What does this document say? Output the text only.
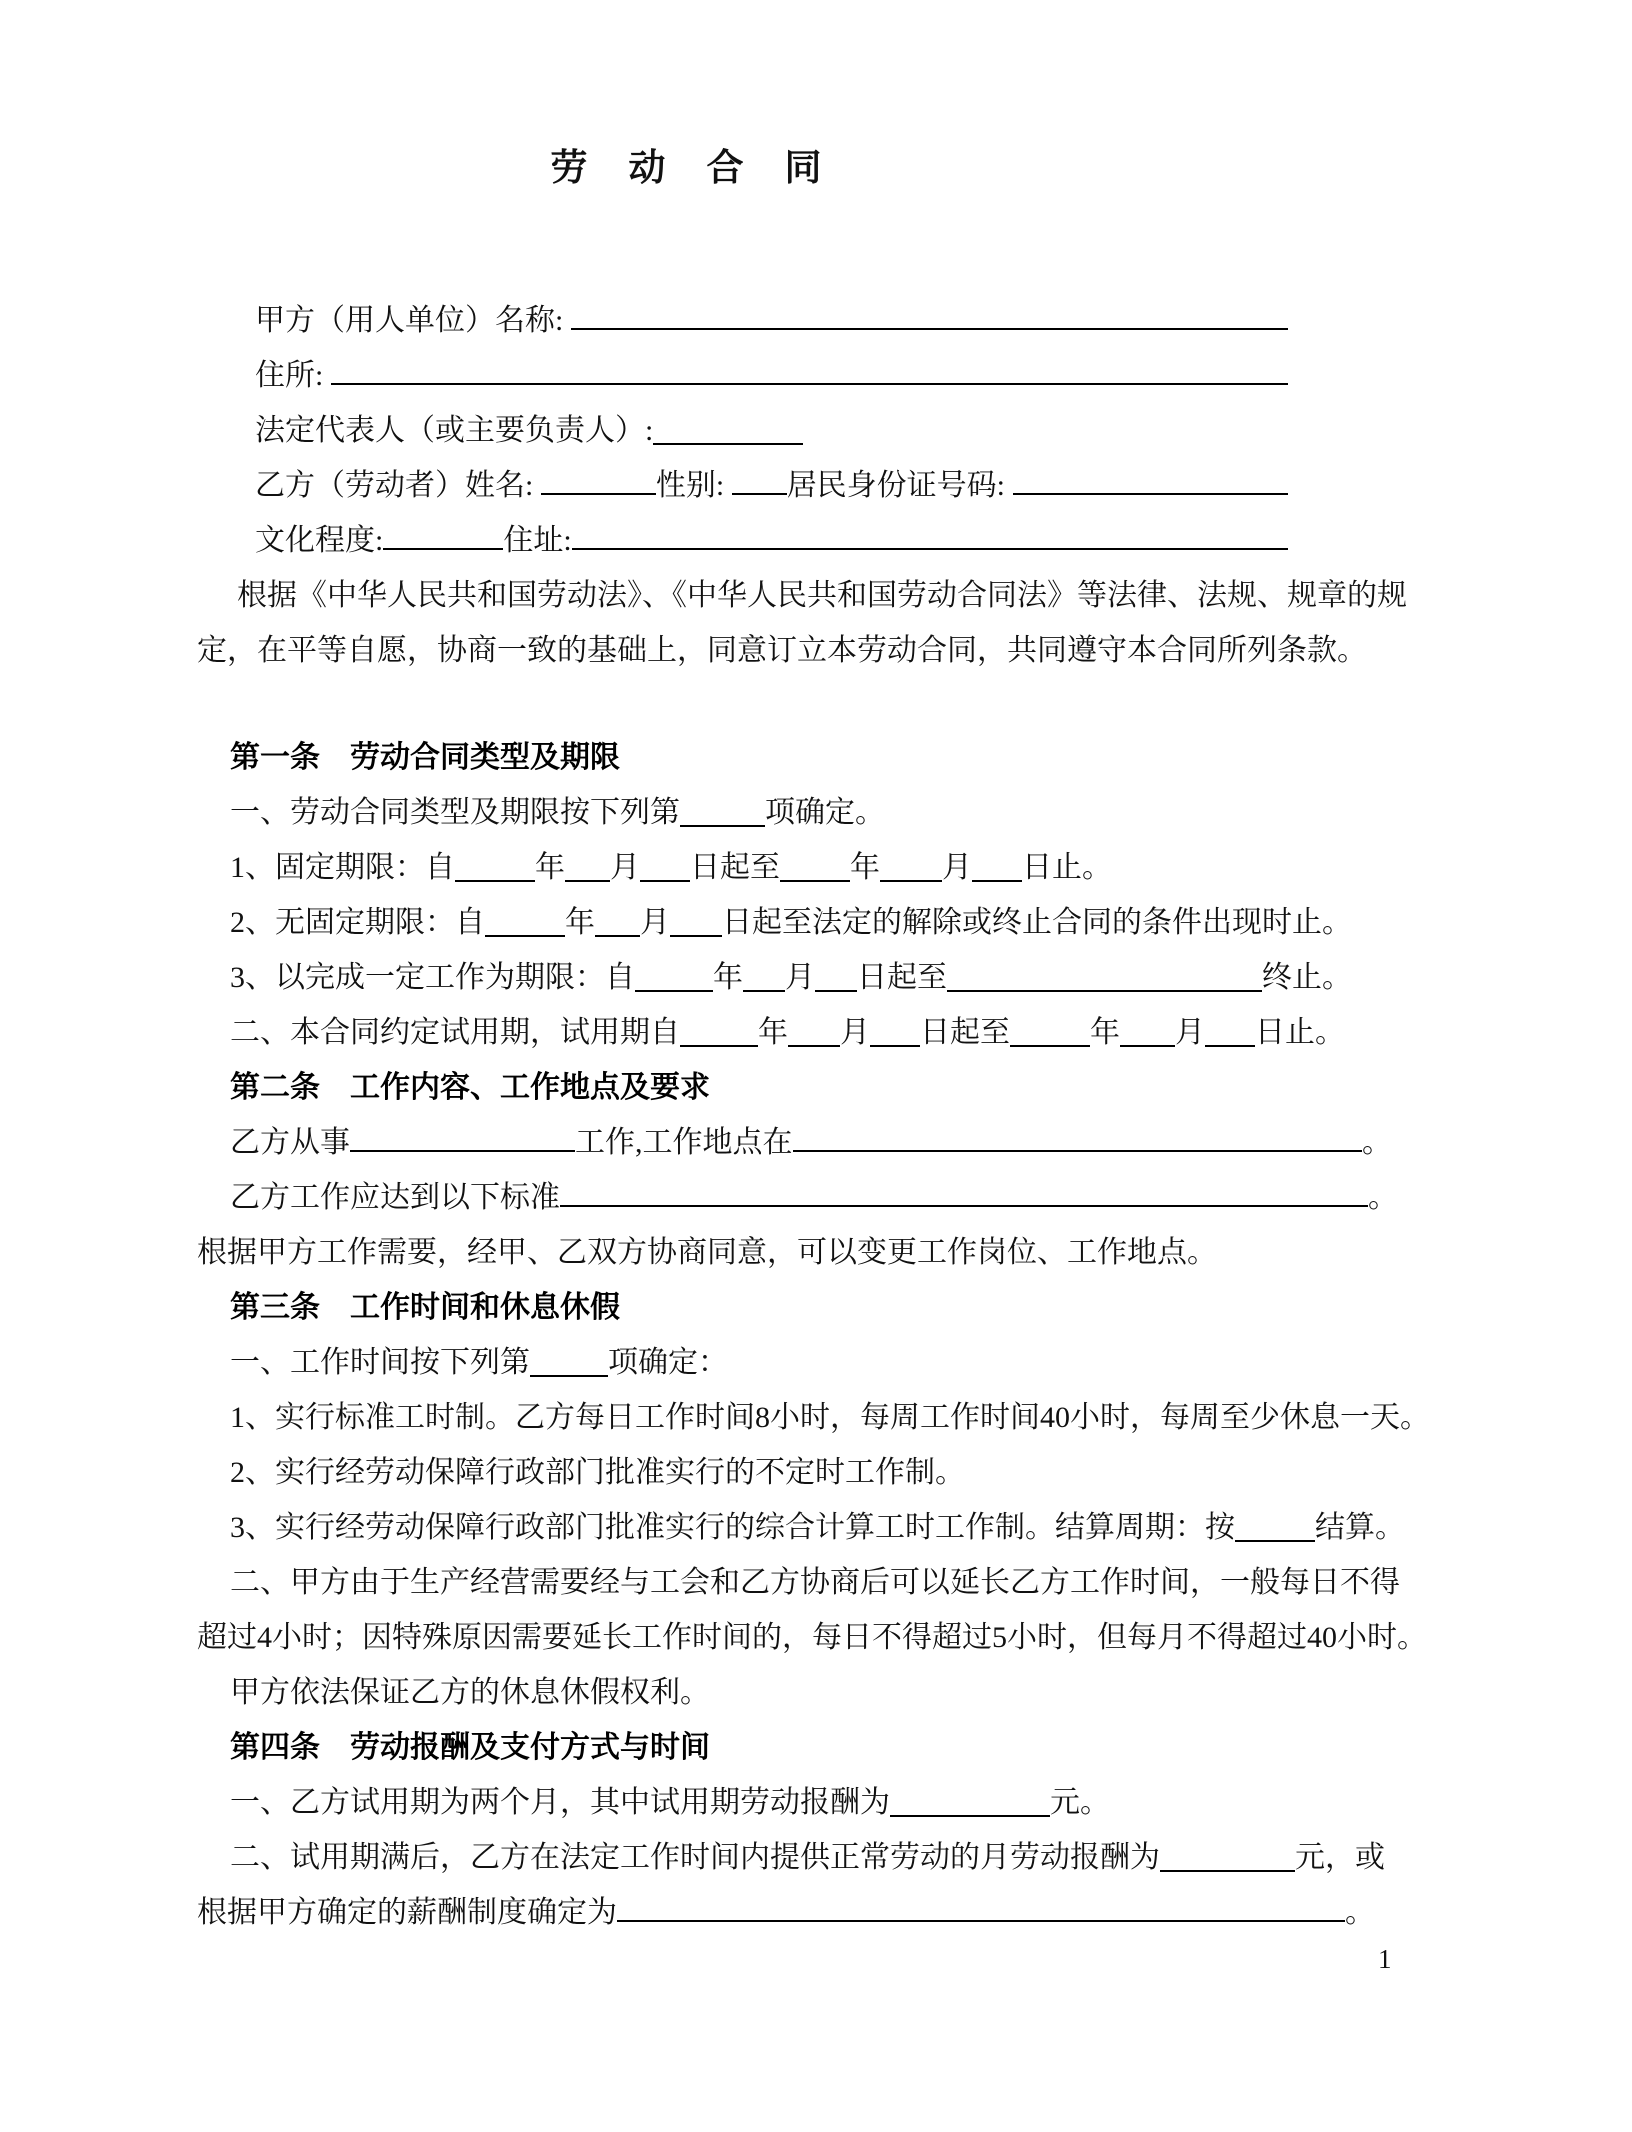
劳　动　合　同
甲方（用人单位）名称:
住所:
法定代表人（或主要负责人）:
乙方（劳动者）姓名:	性别: 居民身份证号码:
文化程度:	住址:
根据《中华人民共和国劳动法》、《中华人民共和国劳动合同法》等法律、法规、规章的规
定，在平等自愿，协商一致的基础上，同意订立本劳动合同，共同遵守本合同所列条款。
第一条　劳动合同类型及期限
一、劳动合同类型及期限按下列第	项确定。
1、固定期限：自	年 月 日起至 年 月 日止。
2、无固定期限：自	年 月 日起至法定的解除或终止合同的条件出现时止。
3、以完成一定工作为期限：自	年 月 日起至	终止。
二、本合同约定试用期，试用期自	年 月 日起至	年 月 日止。
第二条　工作内容、工作地点及要求
乙方从事	工作,工作地点在	。
乙方工作应达到以下标准	。
根据甲方工作需要，经甲、乙双方协商同意，可以变更工作岗位、工作地点。
第三条　工作时间和休息休假
一、工作时间按下列第	项确定：
1、实行标准工时制。乙方每日工作时间8小时，每周工作时间40小时，每周至少休息一天。
2、实行经劳动保障行政部门批准实行的不定时工作制。
3、实行经劳动保障行政部门批准实行的综合计算工时工作制。结算周期：按	结算。
二、甲方由于生产经营需要经与工会和乙方协商后可以延长乙方工作时间，一般每日不得
超过4小时；因特殊原因需要延长工作时间的，每日不得超过5小时，但每月不得超过40小时。
甲方依法保证乙方的休息休假权利。
第四条　劳动报酬及支付方式与时间
一、乙方试用期为两个月，其中试用期劳动报酬为	元。
二、试用期满后，乙方在法定工作时间内提供正常劳动的月劳动报酬为	元，或
根据甲方确定的薪酬制度确定为	。
1
